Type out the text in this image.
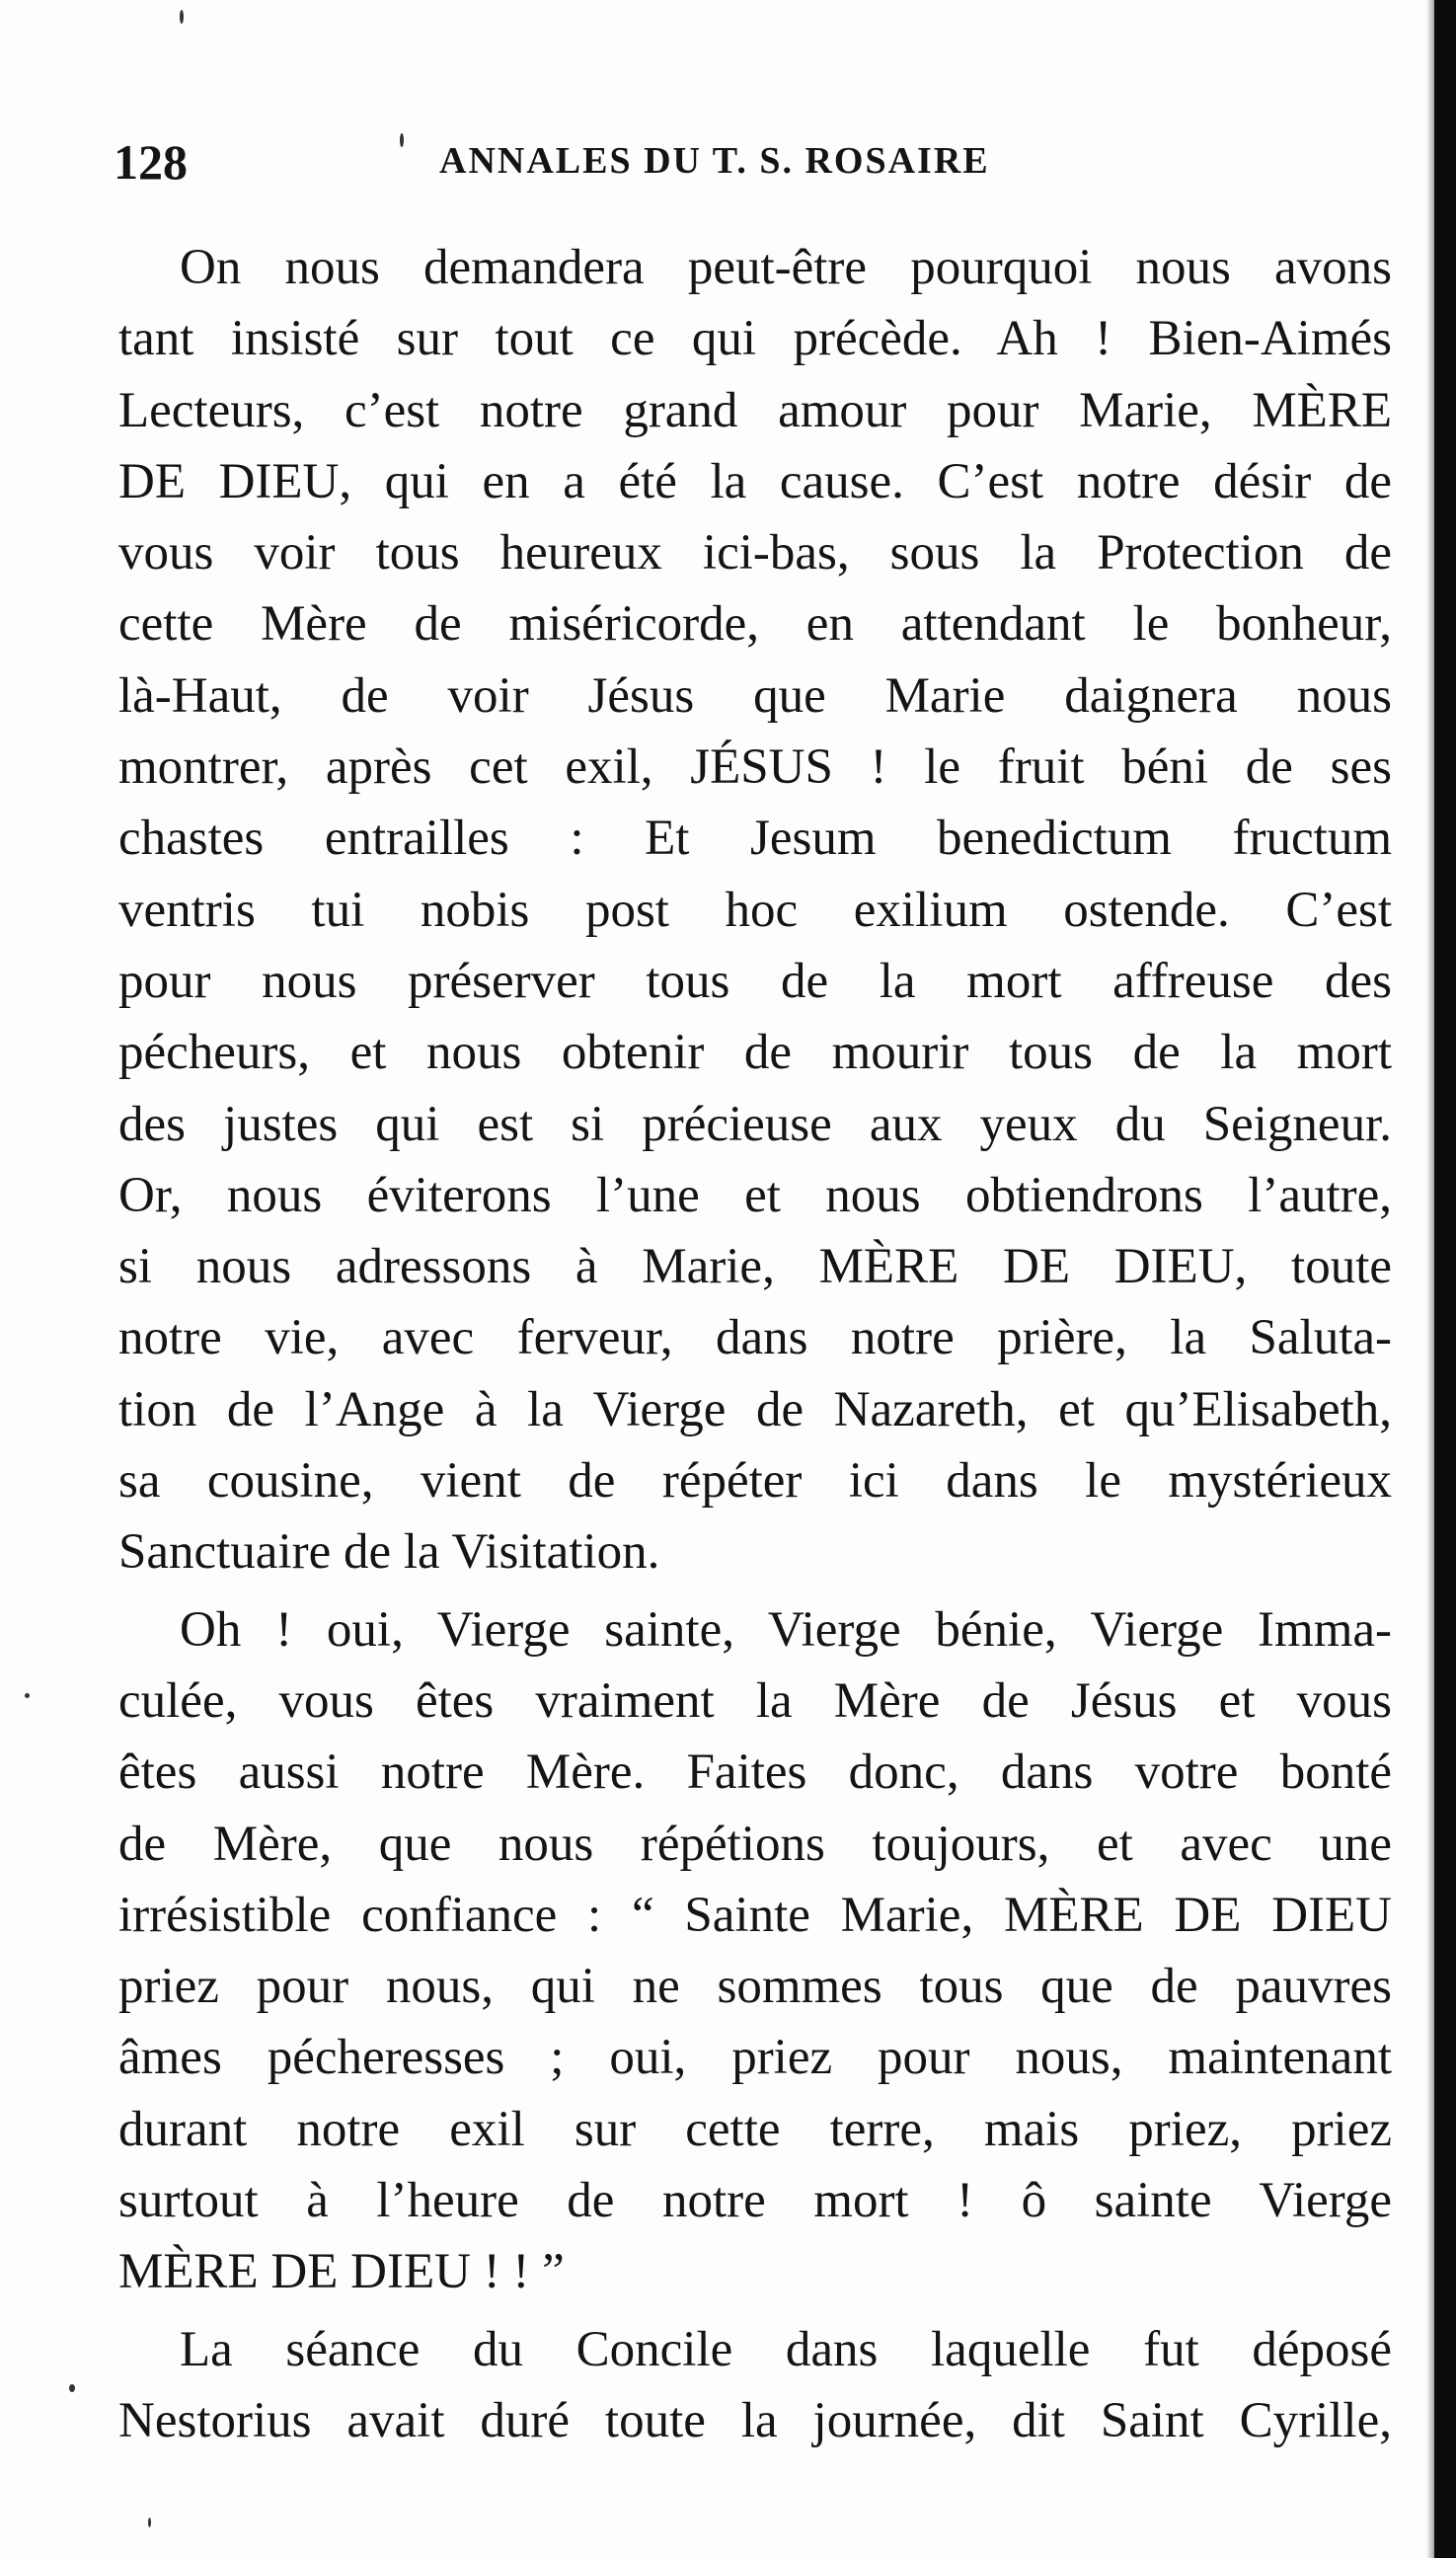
128	ANNALES DU T. S. ROSAIRE
On nous demandera peut-être pourquoi nous avons
tant insisté sur tout ce qui précède. Ah ! Bien-Aimés
Lecteurs, c’est notre grand amour pour Marie, MÈRE
DE DIEU, qui en a été la cause. C’est notre désir de
vous voir tous heureux ici-bas, sous la Protection de
cette Mère de miséricorde, en attendant le bonheur,
là-Haut, de voir Jésus que Marie daignera nous
montrer, après cet exil, JÉSUS ! le fruit béni de ses
chastes entrailles : Et Jesum benedictum fructum
ventris tui nobis post hoc exilium ostende. C’est
pour nous préserver tous de la mort affreuse des
pécheurs, et nous obtenir de mourir tous de la mort
des justes qui est si précieuse aux yeux du Seigneur.
Or, nous éviterons l’une et nous obtiendrons l’autre,
si nous adressons à Marie, MÈRE DE DIEU, toute
notre vie, avec ferveur, dans notre prière, la Saluta-
tion de l’Ange à la Vierge de Nazareth, et qu’Elisabeth,
sa cousine, vient de répéter ici dans le mystérieux
Sanctuaire de la Visitation.
Oh ! oui, Vierge sainte, Vierge bénie, Vierge Imma-
culée, vous êtes vraiment la Mère de Jésus et vous
êtes aussi notre Mère. Faites donc, dans votre bonté
de Mère, que nous répétions toujours, et avec une
irrésistible confiance : “ Sainte Marie, MÈRE DE DIEU
priez pour nous, qui ne sommes tous que de pauvres
âmes pécheresses ; oui, priez pour nous, maintenant
durant notre exil sur cette terre, mais priez, priez
surtout à l’heure de notre mort ! ô sainte Vierge
MÈRE DE DIEU ! ! ”
La séance du Concile dans laquelle fut déposé
Nestorius avait duré toute la journée, dit Saint Cyrille,
